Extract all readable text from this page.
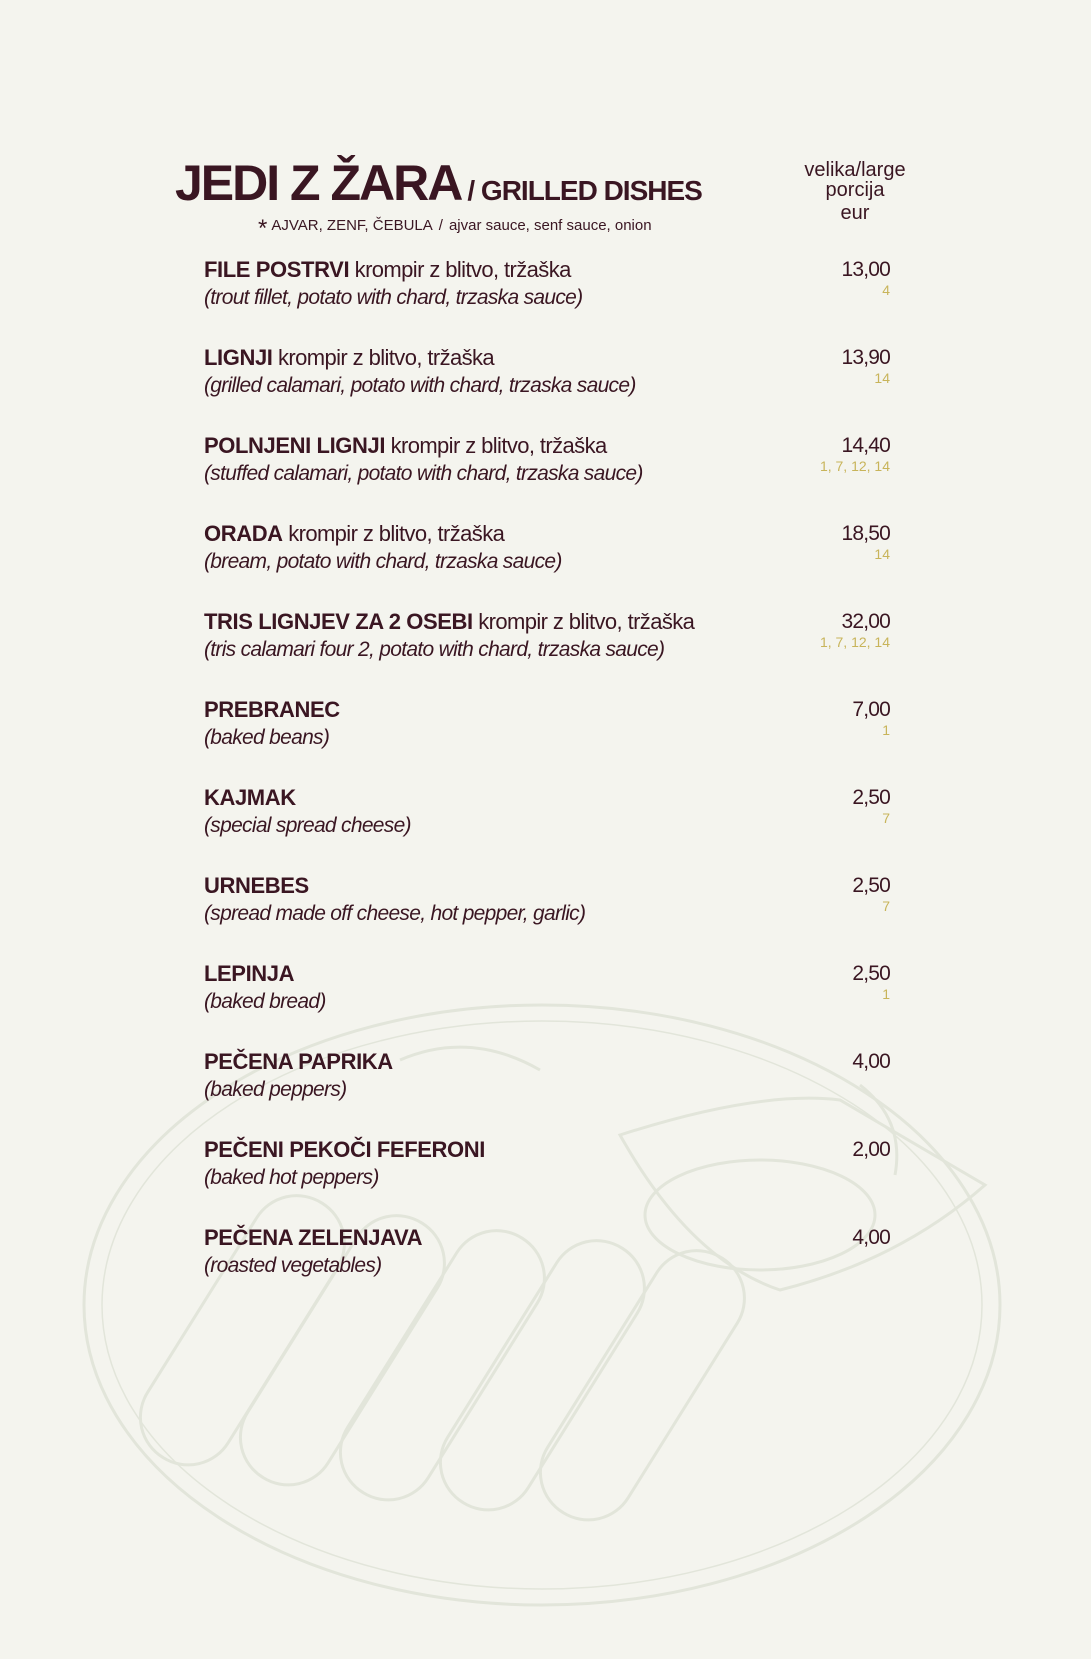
JEDI Z ŽARA / GRILLED DISHES
* AJVAR, ZENF, ČEBULA / ajvar sauce, senf sauce, onion
velika/large
porcija
eur
FILE POSTRVI krompir z blitvo, tržaška
(trout fillet, potato with chard, trzaska sauce)
13,00
4
LIGNJI krompir z blitvo, tržaška
(grilled calamari, potato with chard, trzaska sauce)
13,90
14
POLNJENI LIGNJI krompir z blitvo, tržaška
(stuffed calamari, potato with chard, trzaska sauce)
14,40
1, 7, 12, 14
ORADA krompir z blitvo, tržaška
(bream, potato with chard, trzaska sauce)
18,50
14
TRIS LIGNJEV ZA 2 OSEBI krompir z blitvo, tržaška
(tris calamari four 2, potato with chard, trzaska sauce)
32,00
1, 7, 12, 14
PREBRANEC
(baked beans)
7,00
1
KAJMAK
(special spread cheese)
2,50
7
URNEBES
(spread made off cheese, hot pepper, garlic)
2,50
7
LEPINJA
(baked bread)
2,50
1
PEČENA PAPRIKA
(baked peppers)
4,00
PEČENI PEKOČI FEFERONI
(baked hot peppers)
2,00
PEČENA ZELENJAVA
(roasted vegetables)
4,00
